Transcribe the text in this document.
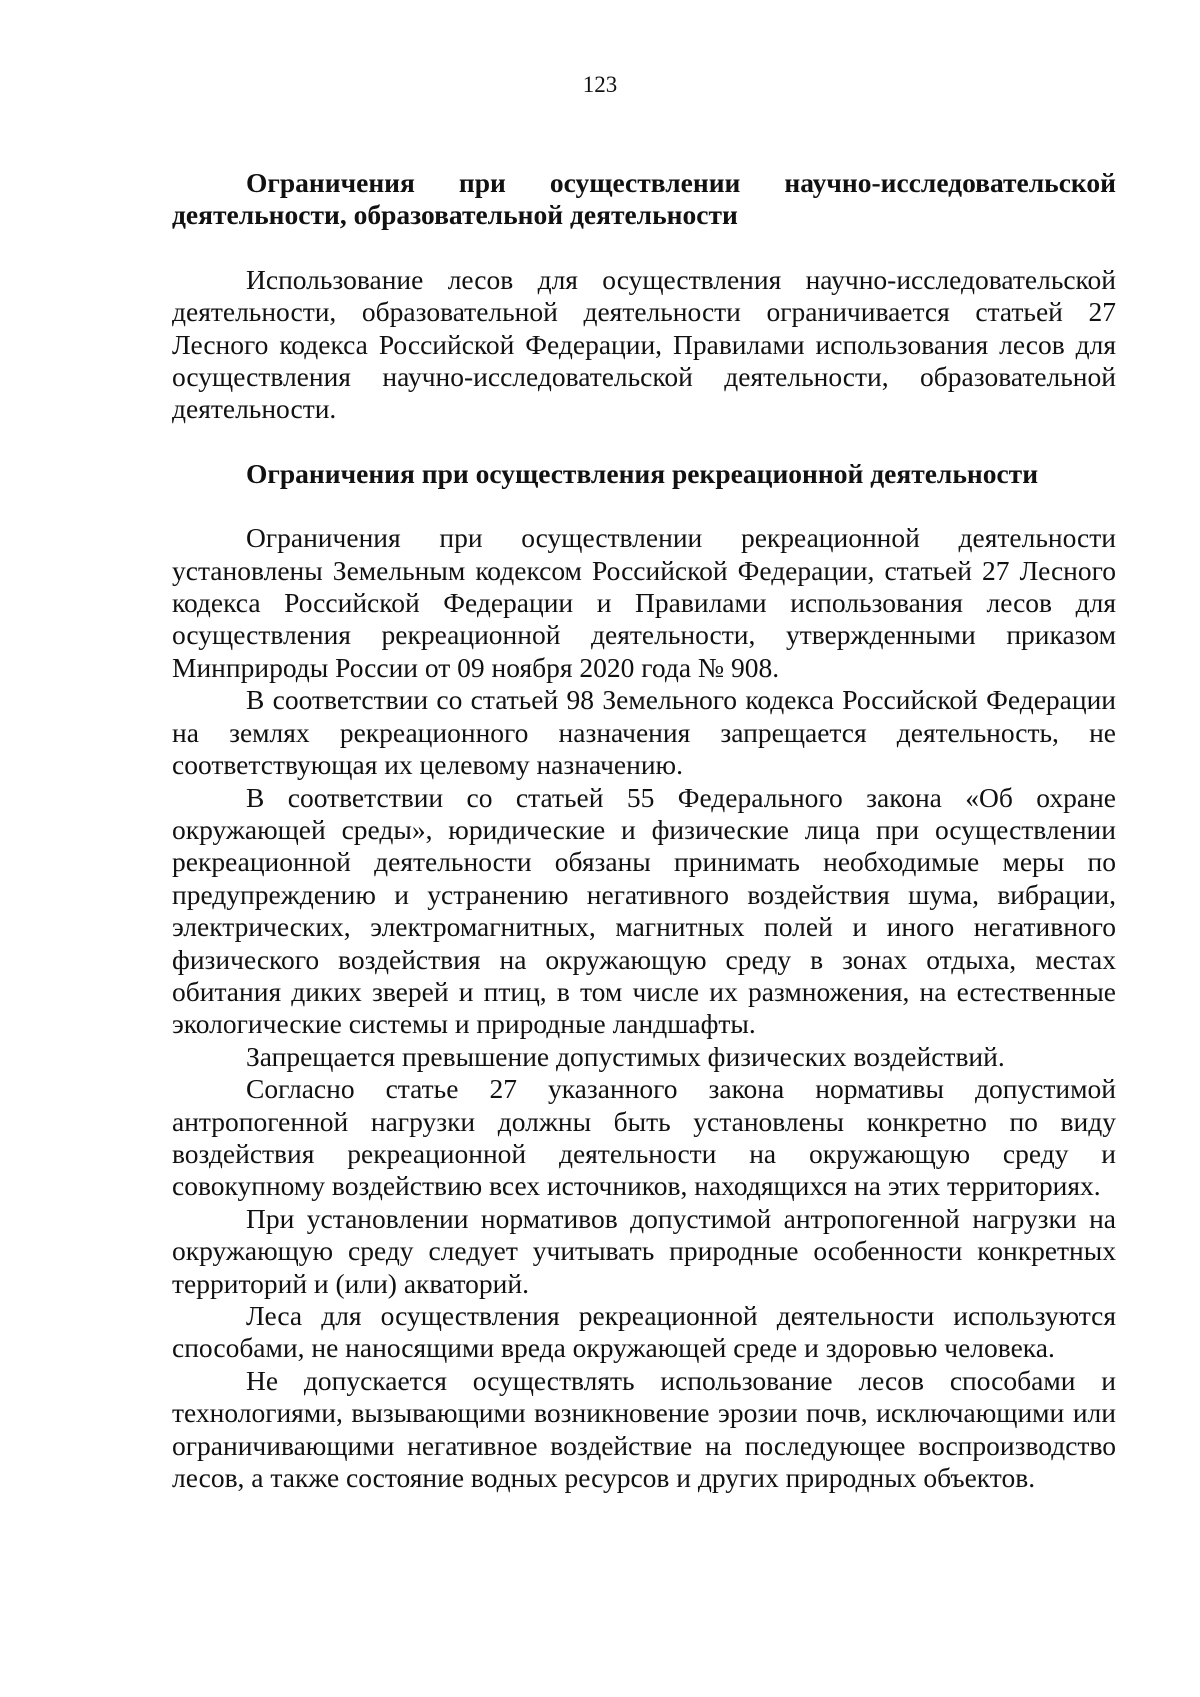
123
Ограничения при осуществлении научно-исследовательской деятельности, образовательной деятельности

Использование лесов для осуществления научно-исследовательской деятельности, образовательной деятельности ограничивается статьей 27 Лесного кодекса Российской Федерации, Правилами использования лесов для осуществления научно-исследовательской деятельности, образовательной деятельности.

Ограничения при осуществления рекреационной деятельности

Ограничения при осуществлении рекреационной деятельности установлены Земельным кодексом Российской Федерации, статьей 27 Лесного кодекса Российской Федерации и Правилами использования лесов для осуществления рекреационной деятельности, утвержденными приказом Минприроды России от 09 ноября 2020 года № 908.

В соответствии со статьей 98 Земельного кодекса Российской Федерации на землях рекреационного назначения запрещается деятельность, не соответствующая их целевому назначению.

В соответствии со статьей 55 Федерального закона «Об охране окружающей среды», юридические и физические лица при осуществлении рекреационной деятельности обязаны принимать необходимые меры по предупреждению и устранению негативного воздействия шума, вибрации, электрических, электромагнитных, магнитных полей и иного негативного физического воздействия на окружающую среду в зонах отдыха, местах обитания диких зверей и птиц, в том числе их размножения, на естественные экологические системы и природные ландшафты.

Запрещается превышение допустимых физических воздействий.

Согласно статье 27 указанного закона нормативы допустимой антропогенной нагрузки должны быть установлены конкретно по виду воздействия рекреационной деятельности на окружающую среду и совокупному воздействию всех источников, находящихся на этих территориях.

При установлении нормативов допустимой антропогенной нагрузки на окружающую среду следует учитывать природные особенности конкретных территорий и (или) акваторий.

Леса для осуществления рекреационной деятельности используются способами, не наносящими вреда окружающей среде и здоровью человека.

Не допускается осуществлять использование лесов способами и технологиями, вызывающими возникновение эрозии почв, исключающими или ограничивающими негативное воздействие на последующее воспроизводство лесов, а также состояние водных ресурсов и других природных объектов.
